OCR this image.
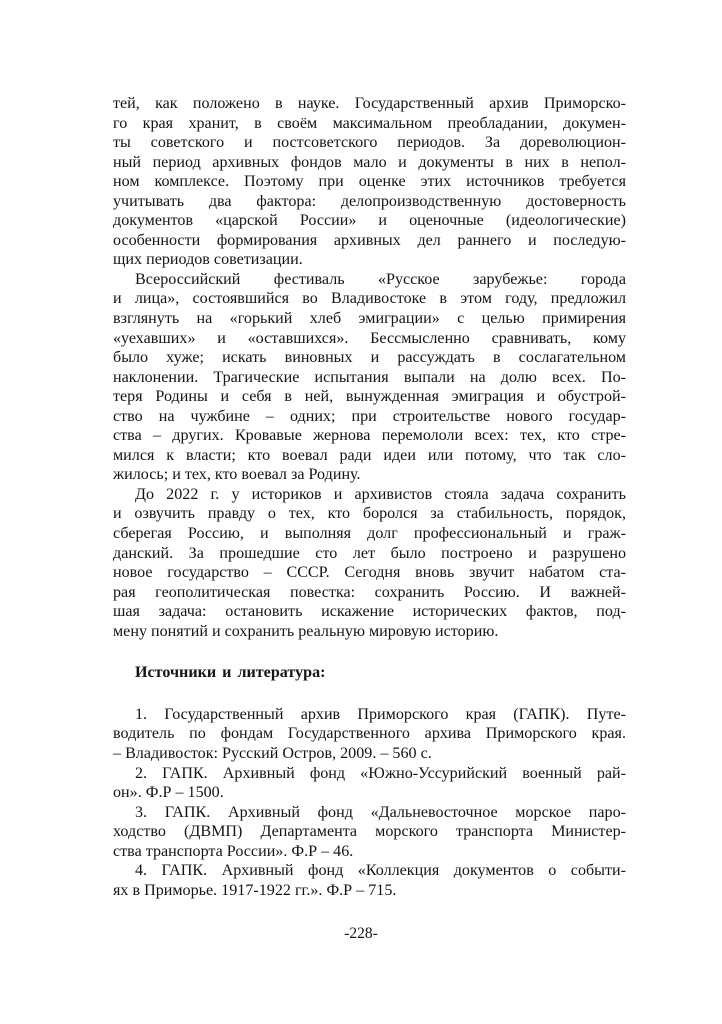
тей, как положено в науке. Государственный архив Приморско-
го края хранит, в своём максимальном преобладании, докумен-
ты советского и постсоветского периодов. За дореволюцион-
ный период архивных фондов мало и документы в них в непол-
ном комплексе. Поэтому при оценке этих источников требуется
учитывать два фактора: делопроизводственную достоверность
документов «царской России» и оценочные (идеологические)
особенности формирования архивных дел раннего и последую-
щих периодов советизации.

Всероссийский фестиваль «Русское зарубежье: города
и лица», состоявшийся во Владивостоке в этом году, предложил
взглянуть на «горький хлеб эмиграции» с целью примирения
«уехавших» и «оставшихся». Бессмысленно сравнивать, кому
было хуже; искать виновных и рассуждать в сослагательном
наклонении. Трагические испытания выпали на долю всех. По-
теря Родины и себя в ней, вынужденная эмиграция и обустрой-
ство на чужбине – одних; при строительстве нового государ-
ства – других. Кровавые жернова перемололи всех: тех, кто стре-
мился к власти; кто воевал ради идеи или потому, что так сло-
жилось; и тех, кто воевал за Родину.

До 2022 г. у историков и архивистов стояла задача сохранить
и озвучить правду о тех, кто боролся за стабильность, порядок,
сберегая Россию, и выполняя долг профессиональный и граж-
данский. За прошедшие сто лет было построено и разрушено
новое государство – СССР. Сегодня вновь звучит набатом ста-
рая геополитическая повестка: сохранить Россию. И важней-
шая задача: остановить искажение исторических фактов, под-
мену понятий и сохранить реальную мировую историю.

Источники и литература:

1. Государственный архив Приморского края (ГАПК). Путе-
водитель по фондам Государственного архива Приморского края.
– Владивосток: Русский Остров, 2009. – 560 с.

2. ГАПК. Архивный фонд «Южно-Уссурийский военный рай-
он». Ф.Р – 1500.

3. ГАПК. Архивный фонд «Дальневосточное морское паро-
ходство (ДВМП) Департамента морского транспорта Министер-
ства транспорта России». Ф.Р – 46.

4. ГАПК. Архивный фонд «Коллекция документов о событи-
ях в Приморье. 1917-1922 гг.». Ф.Р – 715.

-228-
